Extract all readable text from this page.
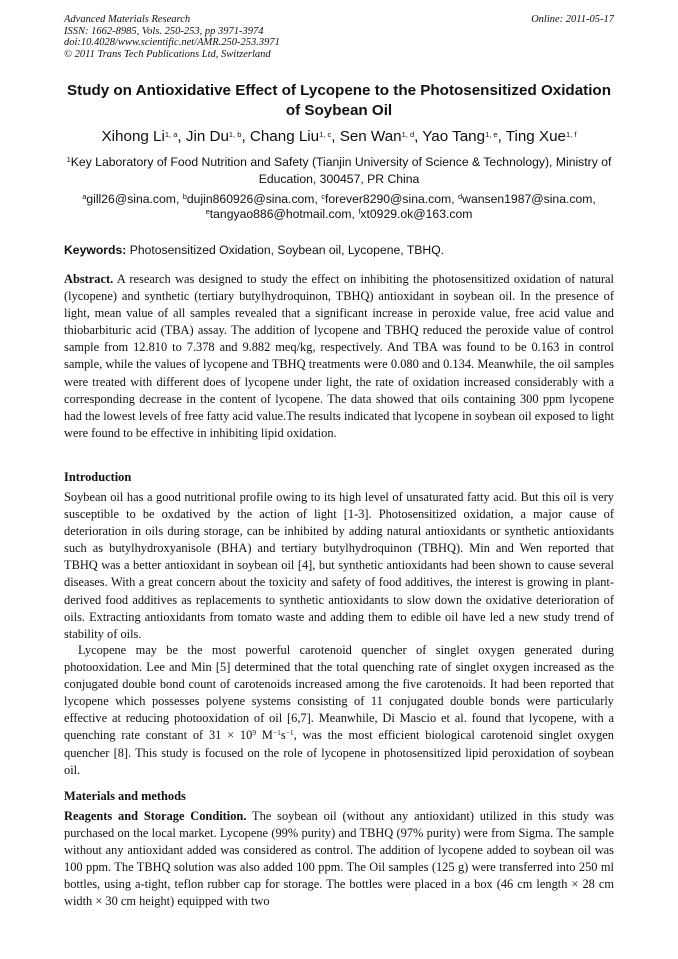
Advanced Materials Research
ISSN: 1662-8985, Vols. 250-253, pp 3971-3974
doi:10.4028/www.scientific.net/AMR.250-253.3971
© 2011 Trans Tech Publications Ltd, Switzerland
Online: 2011-05-17
Study on Antioxidative Effect of Lycopene to the Photosensitized Oxidation of Soybean Oil
Xihong Li$^{1, a}$, Jin Du$^{1, b}$, Chang Liu$^{1, c}$, Sen Wan$^{1, d}$, Yao Tang$^{1, e}$, Ting Xue$^{1, f}$
$^1$Key Laboratory of Food Nutrition and Safety (Tianjin University of Science & Technology), Ministry of Education, 300457, PR China
$^a$gill26@sina.com, $^b$dujin860926@sina.com, $^c$forever8290@sina.com, $^d$wansen1987@sina.com,
$^e$tangyao886@hotmail.com, $^f$xt0929.ok@163.com
Keywords: Photosensitized Oxidation, Soybean oil, Lycopene, TBHQ.
Abstract. A research was designed to study the effect on inhibiting the photosensitized oxidation of natural (lycopene) and synthetic (tertiary butylhydroquinon, TBHQ) antioxidant in soybean oil. In the presence of light, mean value of all samples revealed that a significant increase in peroxide value, free acid value and thiobarbituric acid (TBA) assay. The addition of lycopene and TBHQ reduced the peroxide value of control sample from 12.810 to 7.378 and 9.882 meq/kg, respectively. And TBA was found to be 0.163 in control sample, while the values of lycopene and TBHQ treatments were 0.080 and 0.134. Meanwhile, the oil samples were treated with different does of lycopene under light, the rate of oxidation increased considerably with a corresponding decrease in the content of lycopene. The data showed that oils containing 300 ppm lycopene had the lowest levels of free fatty acid value.The results indicated that lycopene in soybean oil exposed to light were found to be effective in inhibiting lipid oxidation.
Introduction
Soybean oil has a good nutritional profile owing to its high level of unsaturated fatty acid. But this oil is very susceptible to be oxdatived by the action of light [1-3]. Photosensitized oxidation, a major cause of deterioration in oils during storage, can be inhibited by adding natural antioxidants or synthetic antioxidants such as butylhydroxyanisole (BHA) and tertiary butylhydroquinon (TBHQ). Min and Wen reported that TBHQ was a better antioxidant in soybean oil [4], but synthetic antioxidants had been shown to cause several diseases. With a great concern about the toxicity and safety of food additives, the interest is growing in plant-derived food additives as replacements to synthetic antioxidants to slow down the oxidative deterioration of oils. Extracting antioxidants from tomato waste and adding them to edible oil have led a new study trend of stability of oils.
Lycopene may be the most powerful carotenoid quencher of singlet oxygen generated during photooxidation. Lee and Min [5] determined that the total quenching rate of singlet oxygen increased as the conjugated double bond count of carotenoids increased among the five carotenoids. It had been reported that lycopene which possesses polyene systems consisting of 11 conjugated double bonds were particularly effective at reducing photooxidation of oil [6,7]. Meanwhile, Di Mascio et al. found that lycopene, with a quenching rate constant of $31 \times 10^9$ $M^{-1}s^{-1}$, was the most efficient biological carotenoid singlet oxygen quencher [8]. This study is focused on the role of lycopene in photosensitized lipid peroxidation of soybean oil.
Materials and methods
Reagents and Storage Condition. The soybean oil (without any antioxidant) utilized in this study was purchased on the local market. Lycopene (99% purity) and TBHQ (97% purity) were from Sigma. The sample without any antioxidant added was considered as control. The addition of lycopene added to soybean oil was 100 ppm. The TBHQ solution was also added 100 ppm. The Oil samples (125 g) were transferred into 250 ml bottles, using a-tight, teflon rubber cap for storage. The bottles were placed in a box (46 cm length × 28 cm width × 30 cm height) equipped with two
